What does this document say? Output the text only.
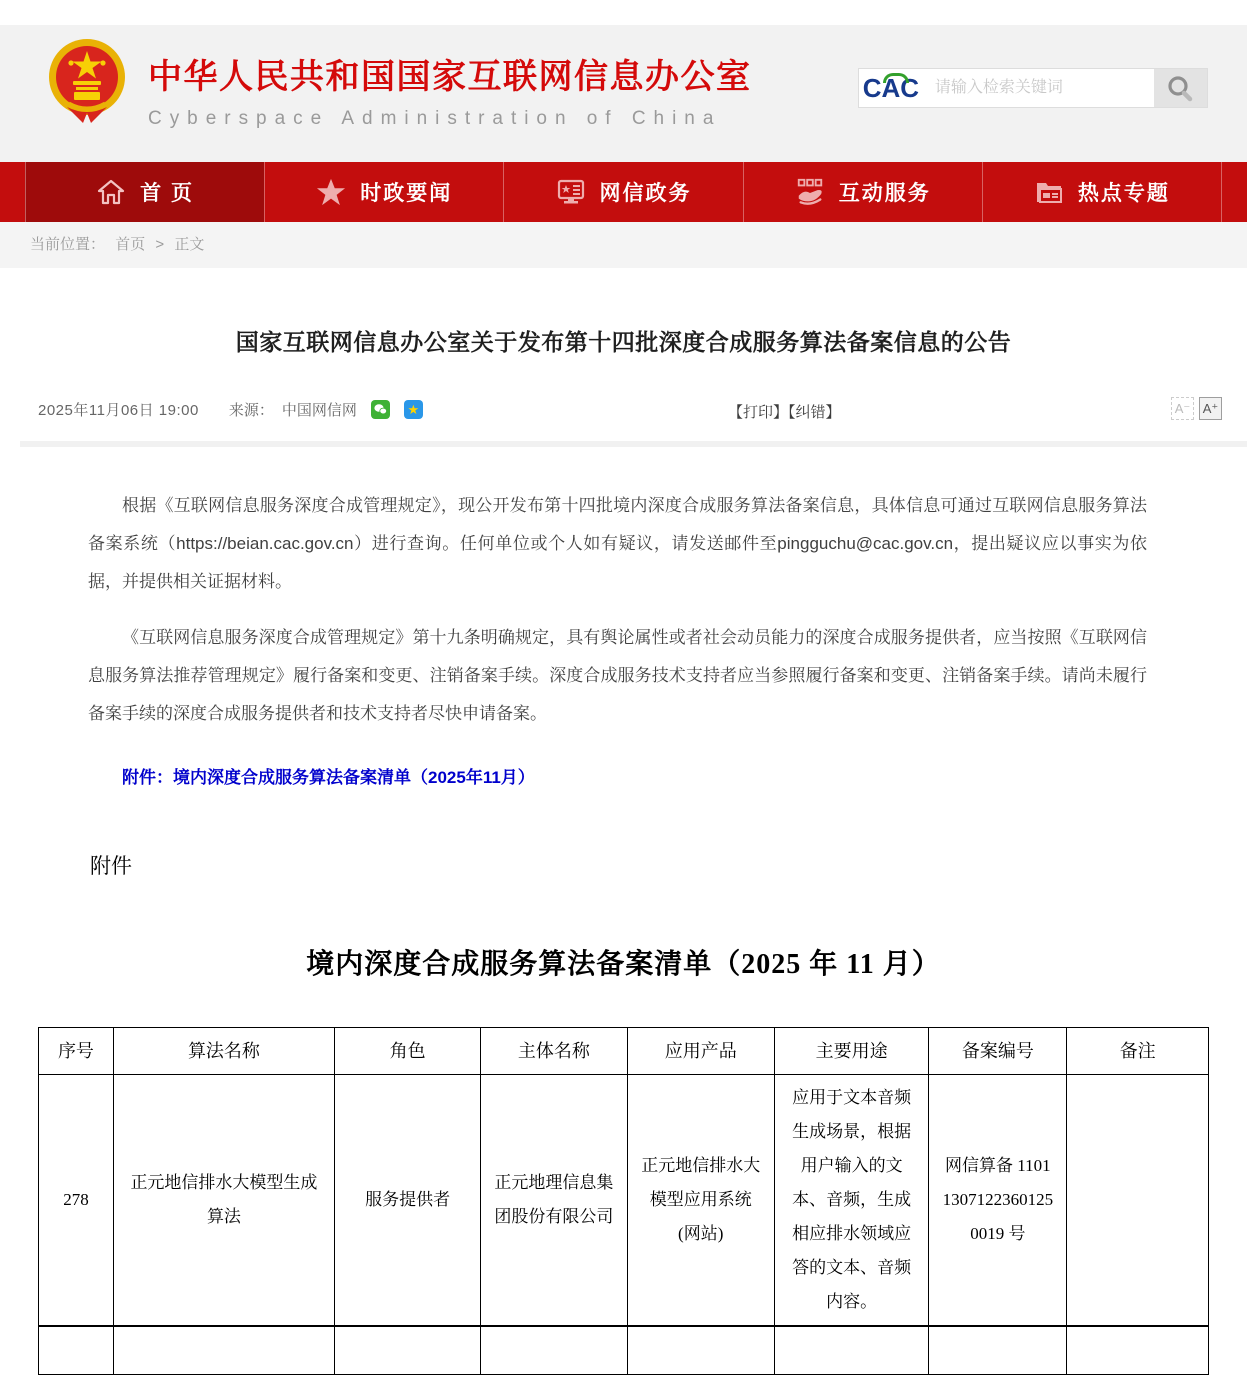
中华人民共和国国家互联网信息办公室
Cyberspace Administration of China
CAC
请输入检索关键词
首 页	时政要闻	网信政务	互动服务	热点专题
当前位置： 首页 > 正文
国家互联网信息办公室关于发布第十四批深度合成服务算法备案信息的公告
2025年11月06日 19:00 来源： 中国网信网	★	【打印】【纠错】	A⁻ A⁺

根据《互联网信息服务深度合成管理规定》，现公开发布第十四批境内深度合成服务算法备案信息，具体信息可通过互联网信息服务算法备案系统（https://beian.cac.gov.cn）进行查询。任何单位或个人如有疑议，请发送邮件至pingguchu@cac.gov.cn，提出疑议应以事实为依据，并提供相关证据材料。

《互联网信息服务深度合成管理规定》第十九条明确规定，具有舆论属性或者社会动员能力的深度合成服务提供者，应当按照《互联网信息服务算法推荐管理规定》履行备案和变更、注销备案手续。深度合成服务技术支持者应当参照履行备案和变更、注销备案手续。请尚未履行备案手续的深度合成服务提供者和技术支持者尽快申请备案。

附件：境内深度合成服务算法备案清单（2025年11月）
附件
境内深度合成服务算法备案清单（2025 年 11 月）
序号	算法名称	角色	主体名称	应用产品	主要用途	备案编号	备注
278	正元地信排水大模型生成算法	服务提供者	正元地理信息集团股份有限公司	正元地信排水大模型应用系统(网站)	应用于文本音频生成场景，根据用户输入的文本、音频，生成相应排水领域应答的文本、音频内容。	网信算备 110113071223601250019 号	
